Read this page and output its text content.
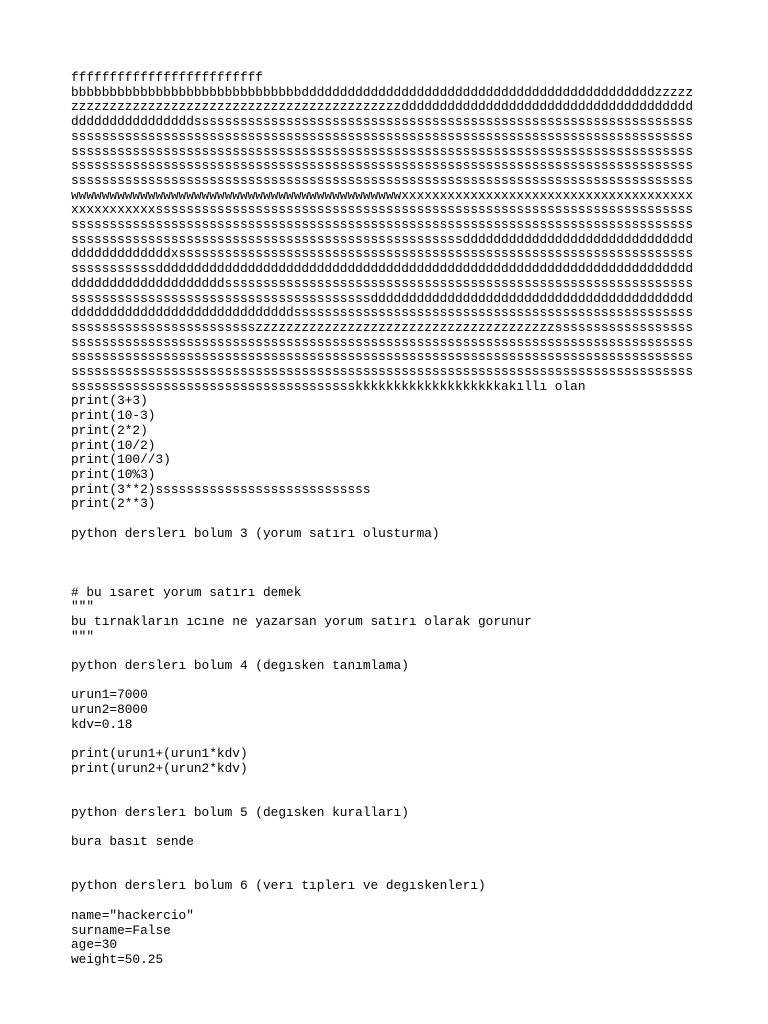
fffffffffffffffffffffffff
bbbbbbbbbbbbbbbbbbbbbbbbbbbbbbddddddddddddddddddddddddddddddddddddddddddddddzzzzzzzzzzzzzzzzzzzzzzzzzzzzzzzzzzzzzzzzzzzzzzzzddddddddddddddddddddddddddddddddddddddddddddddddddddddssssssssssssssssssssssssssssssssssssssssssssssssssssssssssssssssssssssssssssssssssssssssssssssssssssssssssssssssssssssssssssssssssssssssssssssssssssssssssssssssssssssssssssssssssssssssssssssssssssssssssssssssssssssssssssssssssssssssssssssssssssssssssssssssssssssssssssssssssssssssssssssssssssssssssssssssssssssssssssssssssssssssssssssssssssssssssssssssssssssssssssssssssssssssssssssssssssswwwwwwwwwwwwwwwwwwwwwwwwwwwwwwwwwwwwwwwwwwwxxxxxxxxxxxxxxxxxxxxxxxxxxxxxxxxxxxxxxxxxxxxxxxxxssssssssssssssssssssssssssssssssssssssssssssssssssssssssssssssssssssssssssssssssssssssssssssssssssssssssssssssssssssssssssssssssssssssssssssssssssssssssssssssssssssssssssssssssssssssssssssssssssssssssssdddddddddddddddddddddddddddddddddddddddddddxssssssssssssssssssssssssssssssssssssssssssssssssssssssssssssssssssssssssssssssddddddddddddddddddddddddddddddddddddddddddddddddddddddddddddddddddddddddddddddddddddddddddssssssssssssssssssssssssssssssssssssssssssssssssssssssssssssssssssssssssssssssssssssssssssssssssssssdddddddddddddddddddddddddddddddddddddddddddddddddddddddddddddddddddddddsssssssssssssssssssssssssssssssssssssssssssssssssssssssssssssssssssssssssssszzzzzzzzzzzzzzzzzzzzzzzzzzzzzzzzzzzzzzzsssssssssssssssssssssssssssssssssssssssssssssssssssssssssssssssssssssssssssssssssssssssssssssssssssssssssssssssssssssssssssssssssssssssssssssssssssssssssssssssssssssssssssssssssssssssssssssssssssssssssssssssssssssssssssssssssssssssssssssssssssssssssssssssssssssssssssssssssssssssssssssssssssssssssskkkkkkkkkkkkkkkkkkkakıllı olan
print(3+3)
print(10-3)
print(2*2)
print(10/2)
print(100//3)
print(10%3)
print(3**2)ssssssssssssssssssssssssssss
print(2**3)
python derslerı bolum 3 (yorum satırı olusturma)
# bu ısaret yorum satırı demek
"""
bu tırnakların ıcıne ne yazarsan yorum satırı olarak gorunur
"""
python derslerı bolum 4 (degısken tanımlama)
urun1=7000
urun2=8000
kdv=0.18
print(urun1+(urun1*kdv)
print(urun2+(urun2*kdv)
python derslerı bolum 5 (degısken kuralları)
bura basıt sende
python derslerı bolum 6 (verı tıplerı ve degıskenlerı)
name="hackercio"
surname=False
age=30
weight=50.25
